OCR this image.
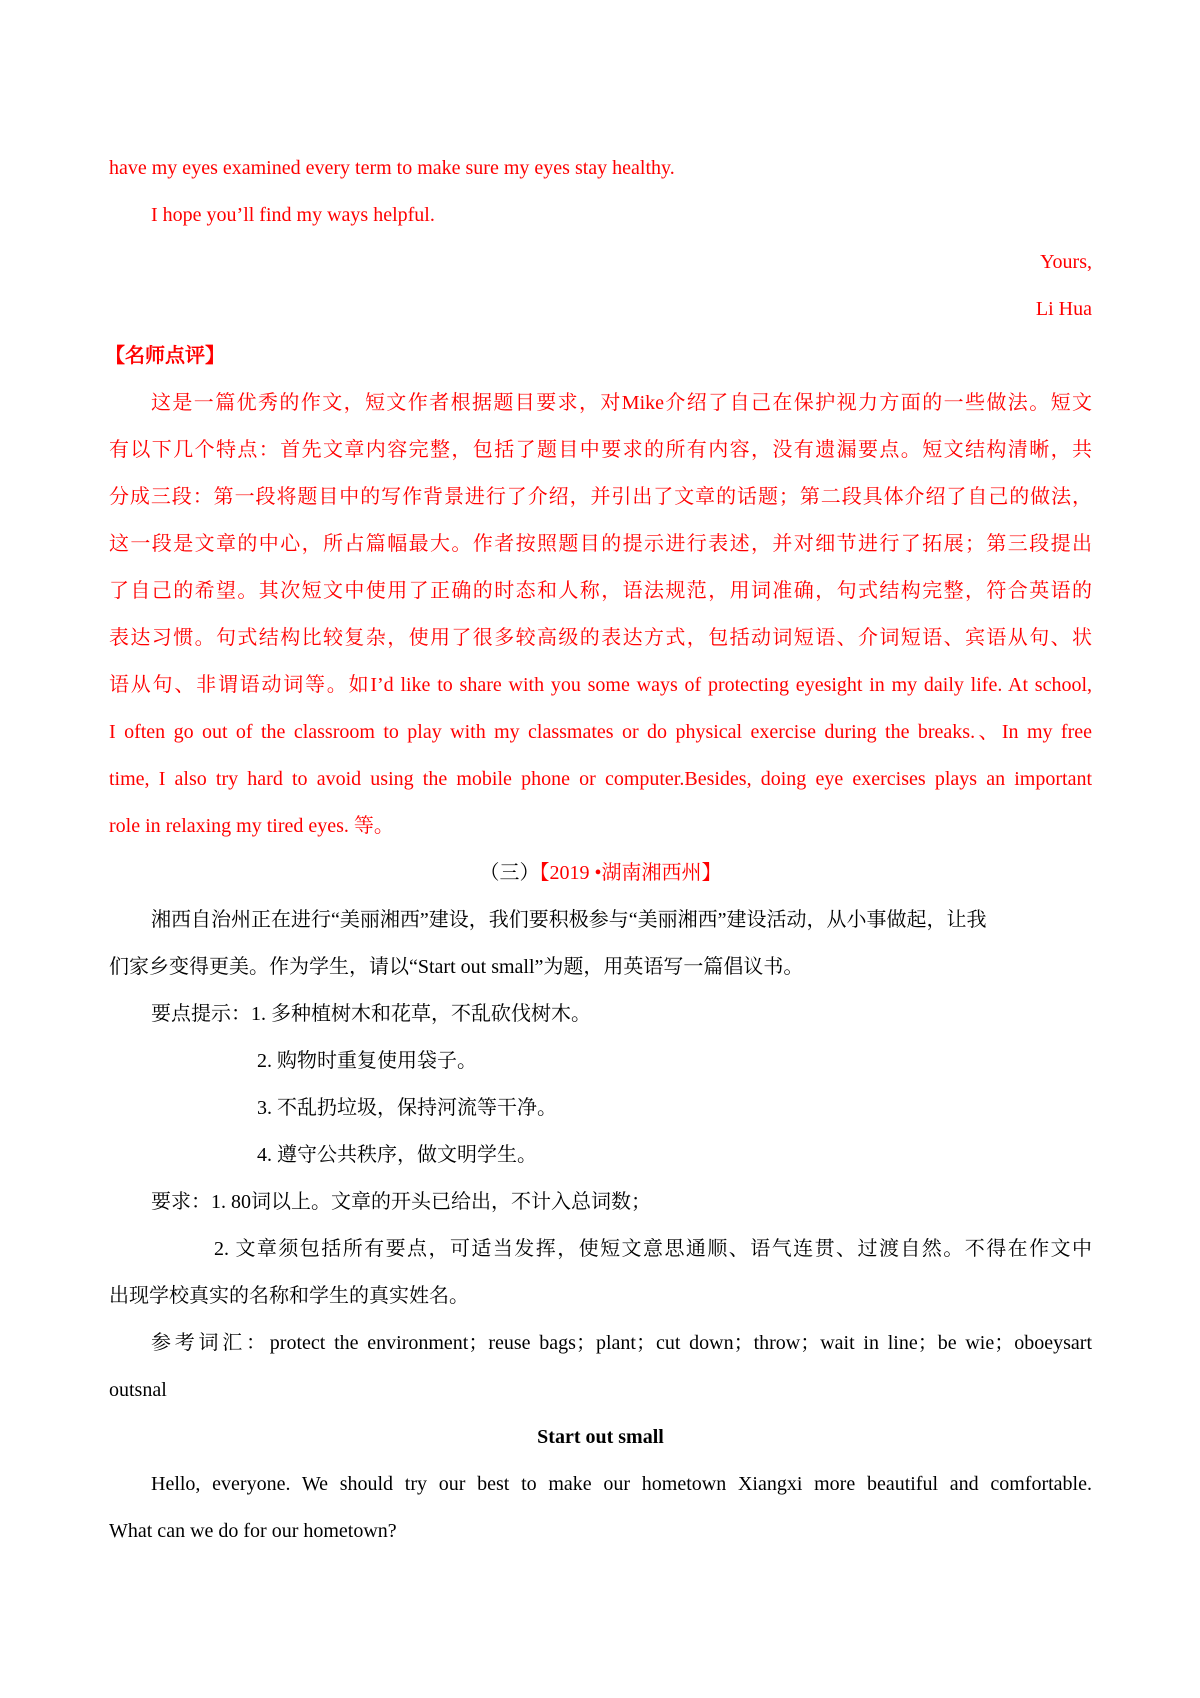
have my eyes examined every term to make sure my eyes stay healthy.
I hope you’ll find my ways helpful.
Yours,
Li Hua
【名师点评】
这是一篇优秀的作文，短文作者根据题目要求，对Mike介绍了自己在保护视力方面的一些做法。短文
有以下几个特点：首先文章内容完整，包括了题目中要求的所有内容，没有遗漏要点。短文结构清晰，共
分成三段：第一段将题目中的写作背景进行了介绍，并引出了文章的话题；第二段具体介绍了自己的做法，
这一段是文章的中心，所占篇幅最大。作者按照题目的提示进行表述，并对细节进行了拓展；第三段提出
了自己的希望。其次短文中使用了正确的时态和人称，语法规范，用词准确，句式结构完整，符合英语的
表达习惯。句式结构比较复杂，使用了很多较高级的表达方式，包括动词短语、介词短语、宾语从句、状
语从句、非谓语动词等。如I’d like to share with you some ways of protecting eyesight in my daily life. At school,
I often go out of the classroom to play with my classmates or do physical exercise during the breaks.、In my free
time, I also try hard to avoid using the mobile phone or computer.Besides, doing eye exercises plays an important
role in relaxing my tired eyes. 等。
（三）【2019 •湖南湘西州】
湘西自治州正在进行“美丽湘西”建设，我们要积极参与“美丽湘西”建设活动，从小事做起，让我
们家乡变得更美。作为学生，请以“Start out small”为题，用英语写一篇倡议书。
要点提示：1. 多种植树木和花草，不乱砍伐树木。
2. 购物时重复使用袋子。
3. 不乱扔垃圾，保持河流等干净。
4. 遵守公共秩序，做文明学生。
要求：1. 80词以上。文章的开头已给出，不计入总词数；
2. 文章须包括所有要点，可适当发挥，使短文意思通顺、语气连贯、过渡自然。不得在作文中
出现学校真实的名称和学生的真实姓名。
参考词汇：protect the environment；reuse bags；plant；cut down；throw；wait in line；be wie；oboeysart
outsnal
Start out small
Hello, everyone. We should try our best to make our hometown Xiangxi more beautiful and comfortable.
What can we do for our hometown?
